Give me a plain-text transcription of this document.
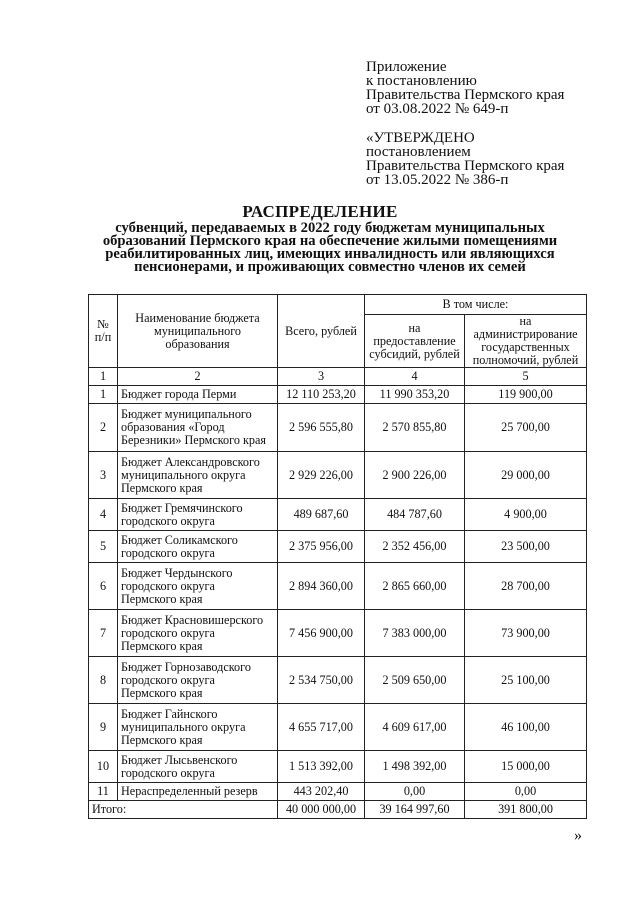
Приложение
к постановлению
Правительства Пермского края
от 03.08.2022 № 649-п
«УТВЕРЖДЕНО
постановлением
Правительства Пермского края
от 13.05.2022 № 386-п
РАСПРЕДЕЛЕНИЕ
субвенций, передаваемых в 2022 году бюджетам муниципальных
образований Пермского края на обеспечение жилыми помещениями
реабилитированных лиц, имеющих инвалидность или являющихся
пенсионерами, и проживающих совместно членов их семей
№ п/п	Наименование бюджета муниципального образования	Всего, рублей	В том числе:	
			на предоставление субсидий, рублей	на администрирование государственных полномочий, рублей
1	2	3	4	5
1	Бюджет города Перми	12 110 253,20	11 990 353,20	119 900,00
2	Бюджет муниципального
образования «Город
Березники» Пермского края	2 596 555,80	2 570 855,80	25 700,00
3	Бюджет Александровского
муниципального округа
Пермского края	2 929 226,00	2 900 226,00	29 000,00
4	Бюджет Гремячинского
городского округа	489 687,60	484 787,60	4 900,00
5	Бюджет Соликамского
городского округа	2 375 956,00	2 352 456,00	23 500,00
6	Бюджет Чердынского
городского округа
Пермского края	2 894 360,00	2 865 660,00	28 700,00
7	Бюджет Красновишерского
городского округа
Пермского края	7 456 900,00	7 383 000,00	73 900,00
8	Бюджет Горнозаводского
городского округа
Пермского края	2 534 750,00	2 509 650,00	25 100,00
9	Бюджет Гайнского
муниципального округа
Пермского края	4 655 717,00	4 609 617,00	46 100,00
10	Бюджет Лысьвенского
городского округа	1 513 392,00	1 498 392,00	15 000,00
11	Нераспределенный резерв	443 202,40	0,00	0,00
Итого:		40 000 000,00	39 164 997,60	391 800,00
»
